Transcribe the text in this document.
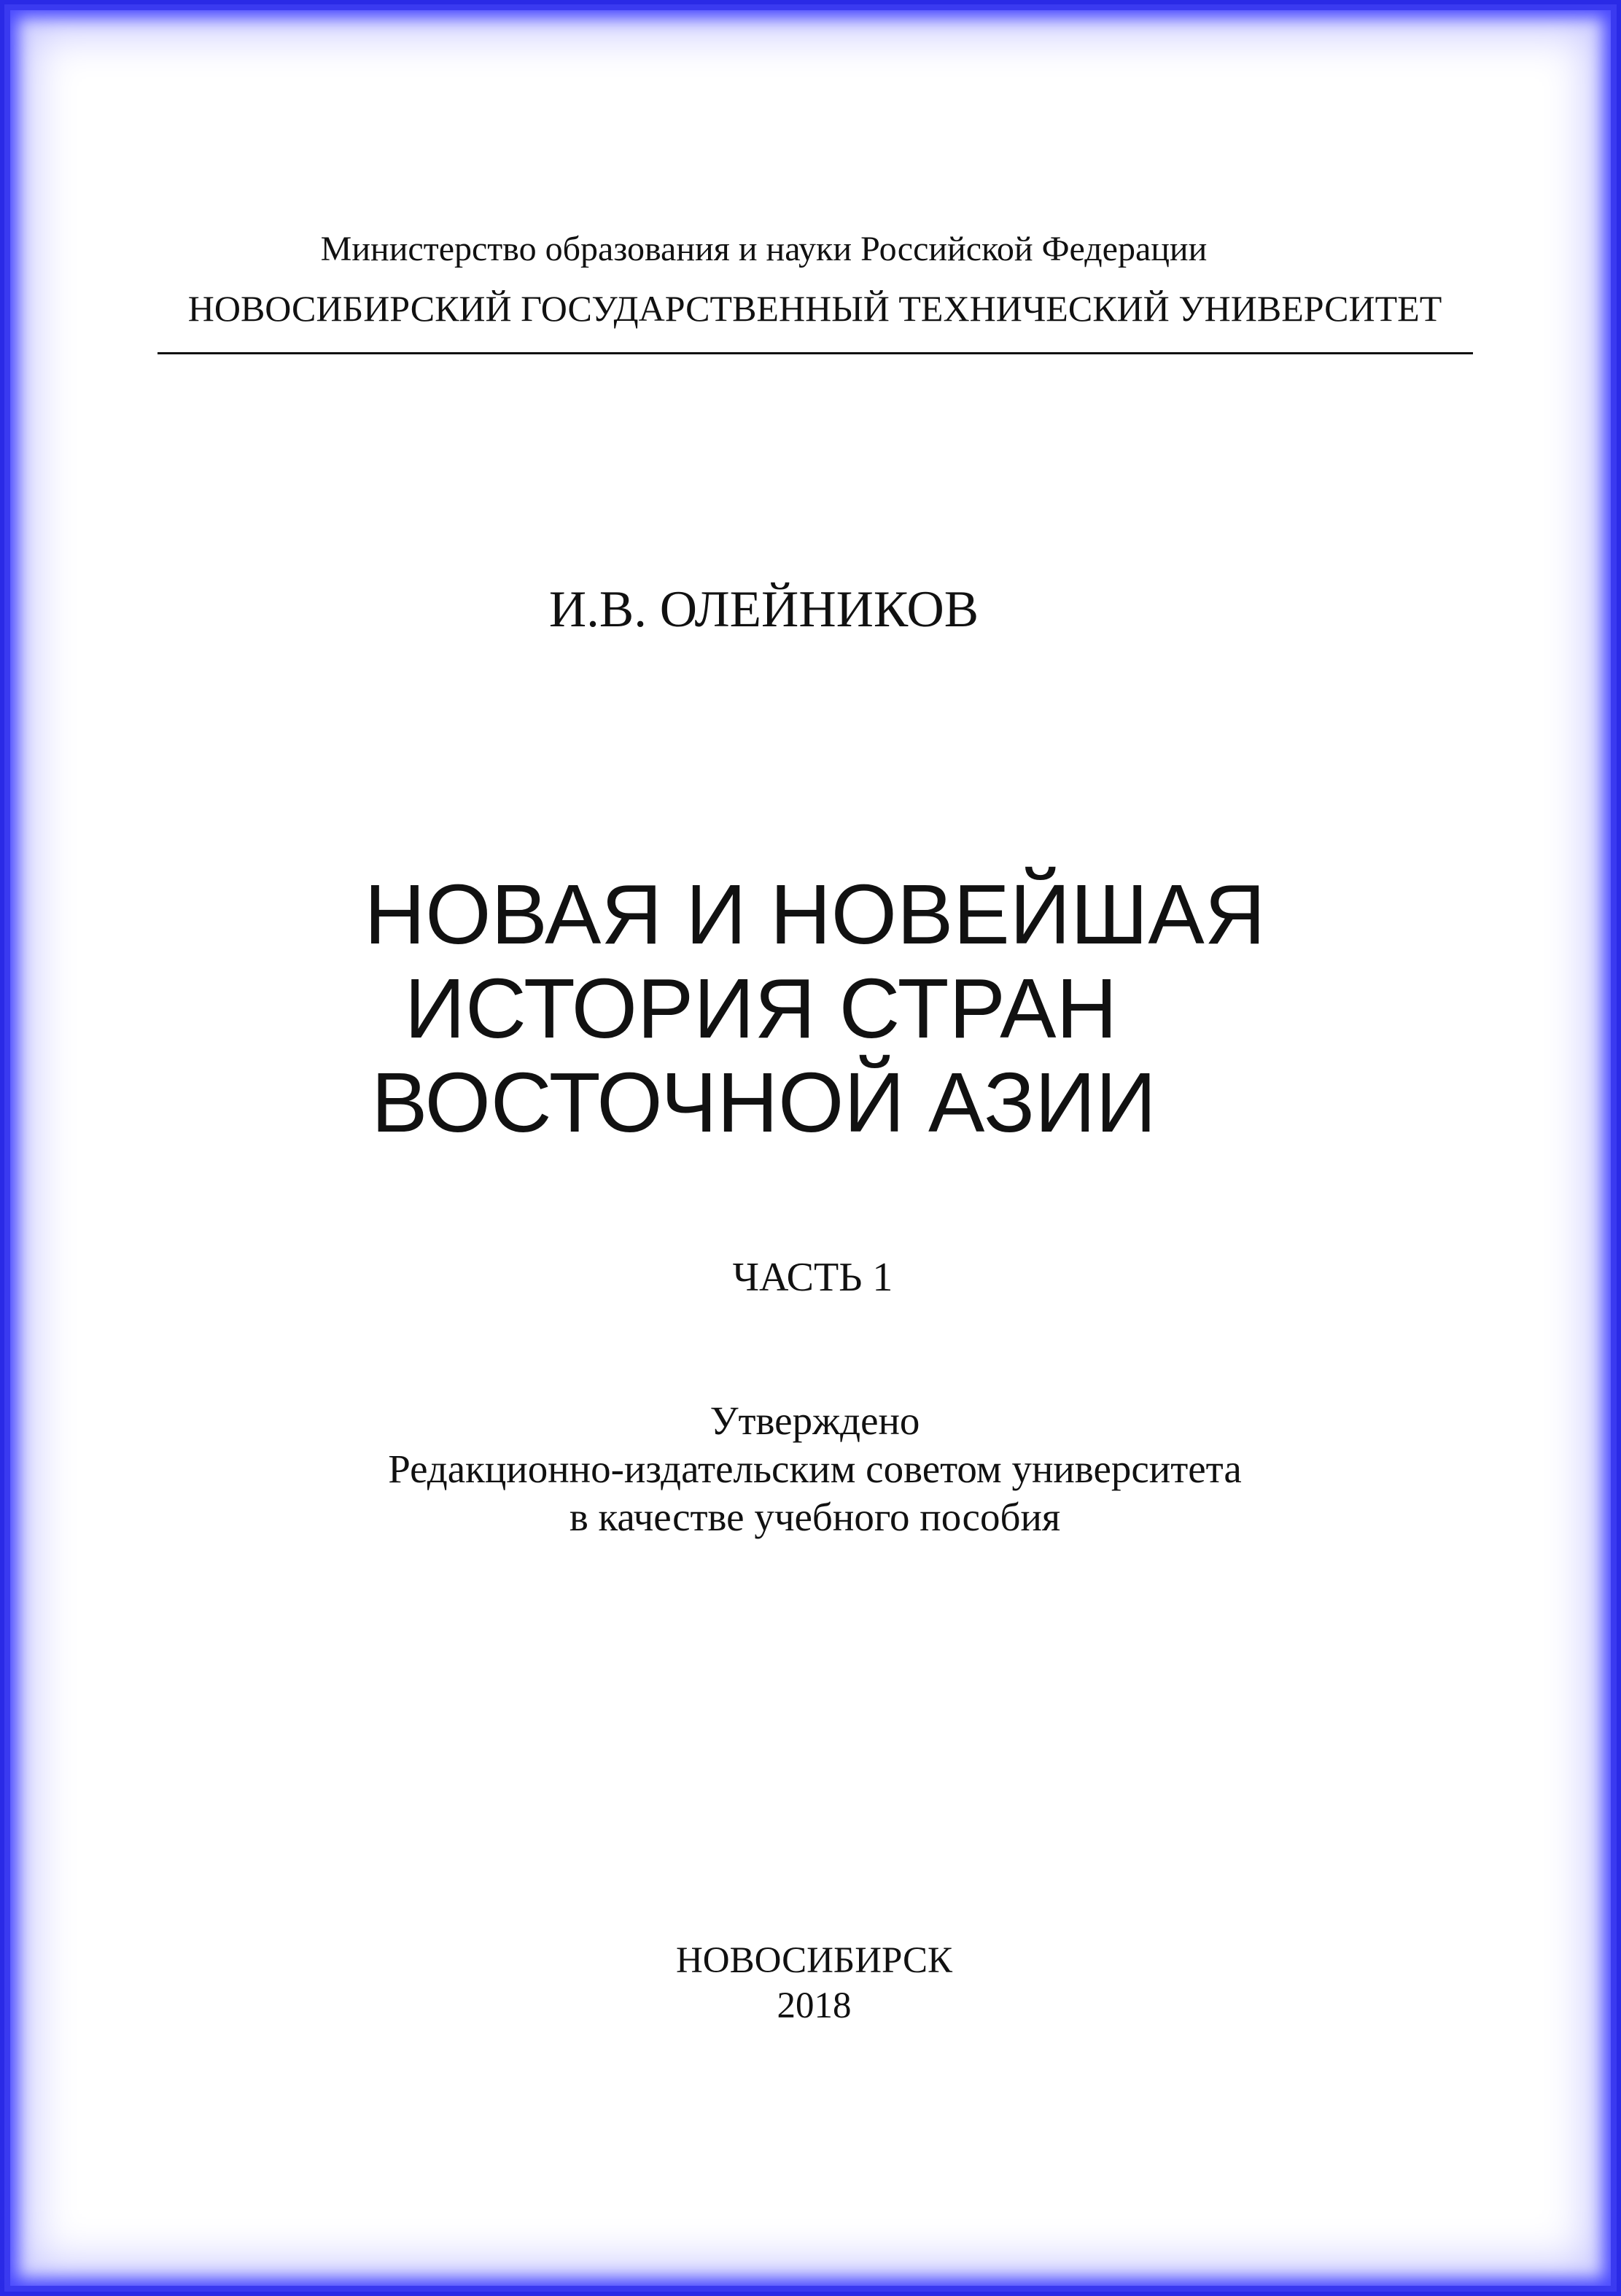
Министерство образования и науки Российской Федерации
НОВОСИБИРСКИЙ ГОСУДАРСТВЕННЫЙ ТЕХНИЧЕСКИЙ УНИВЕРСИТЕТ
И.В. ОЛЕЙНИКОВ
НОВАЯ И НОВЕЙШАЯ
ИСТОРИЯ СТРАН
ВОСТОЧНОЙ АЗИИ
ЧАСТЬ 1
Утверждено
Редакционно-издательским советом университета
в качестве учебного пособия
НОВОСИБИРСК
2018
